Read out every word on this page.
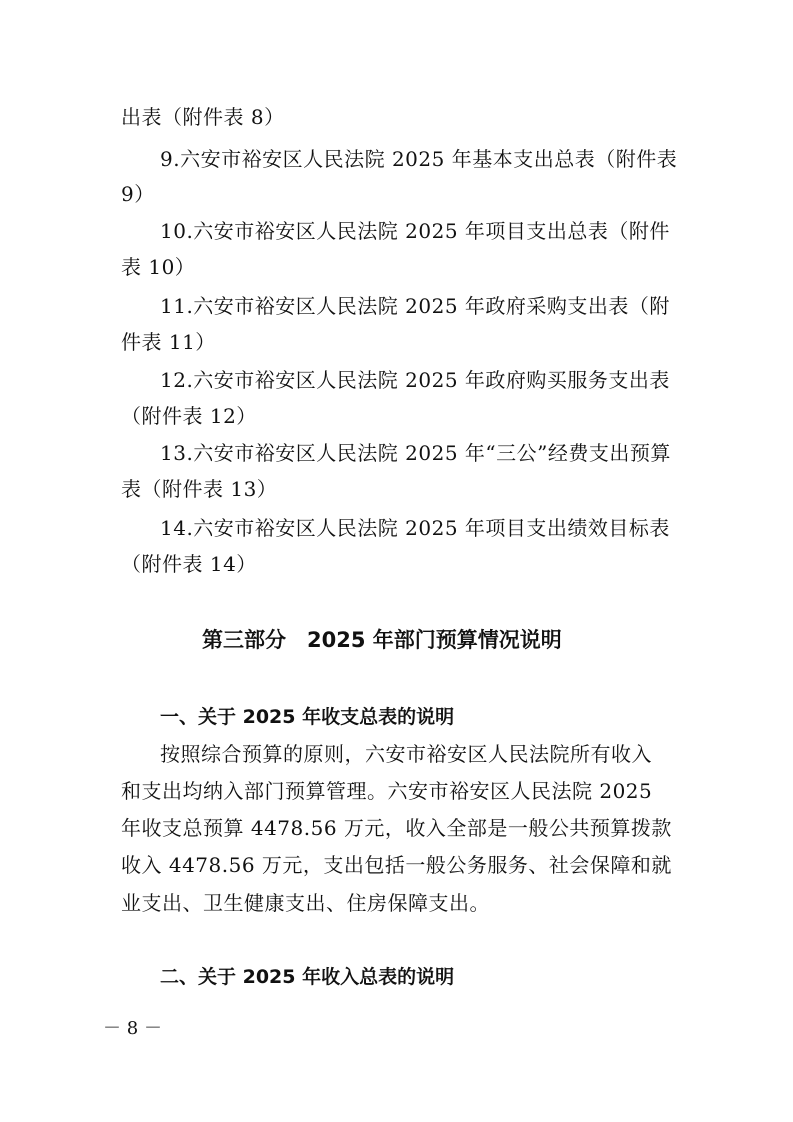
出表（附件表 8）
9.六安市裕安区人民法院 2025 年基本支出总表（附件表
9）
10.六安市裕安区人民法院 2025 年项目支出总表（附件
表 10）
11.六安市裕安区人民法院 2025 年政府采购支出表（附
件表 11）
12.六安市裕安区人民法院 2025 年政府购买服务支出表
（附件表 12）
13.六安市裕安区人民法院 2025 年“三公”经费支出预算
表（附件表 13）
14.六安市裕安区人民法院 2025 年项目支出绩效目标表
（附件表 14）
第三部分　2025 年部门预算情况说明
一、关于 2025 年收支总表的说明
按照综合预算的原则，六安市裕安区人民法院所有收入
和支出均纳入部门预算管理。六安市裕安区人民法院 2025
年收支总预算 4478.56 万元，收入全部是一般公共预算拨款
收入 4478.56 万元，支出包括一般公务服务、社会保障和就
业支出、卫生健康支出、住房保障支出。
二、关于 2025 年收入总表的说明
－ 8 －
